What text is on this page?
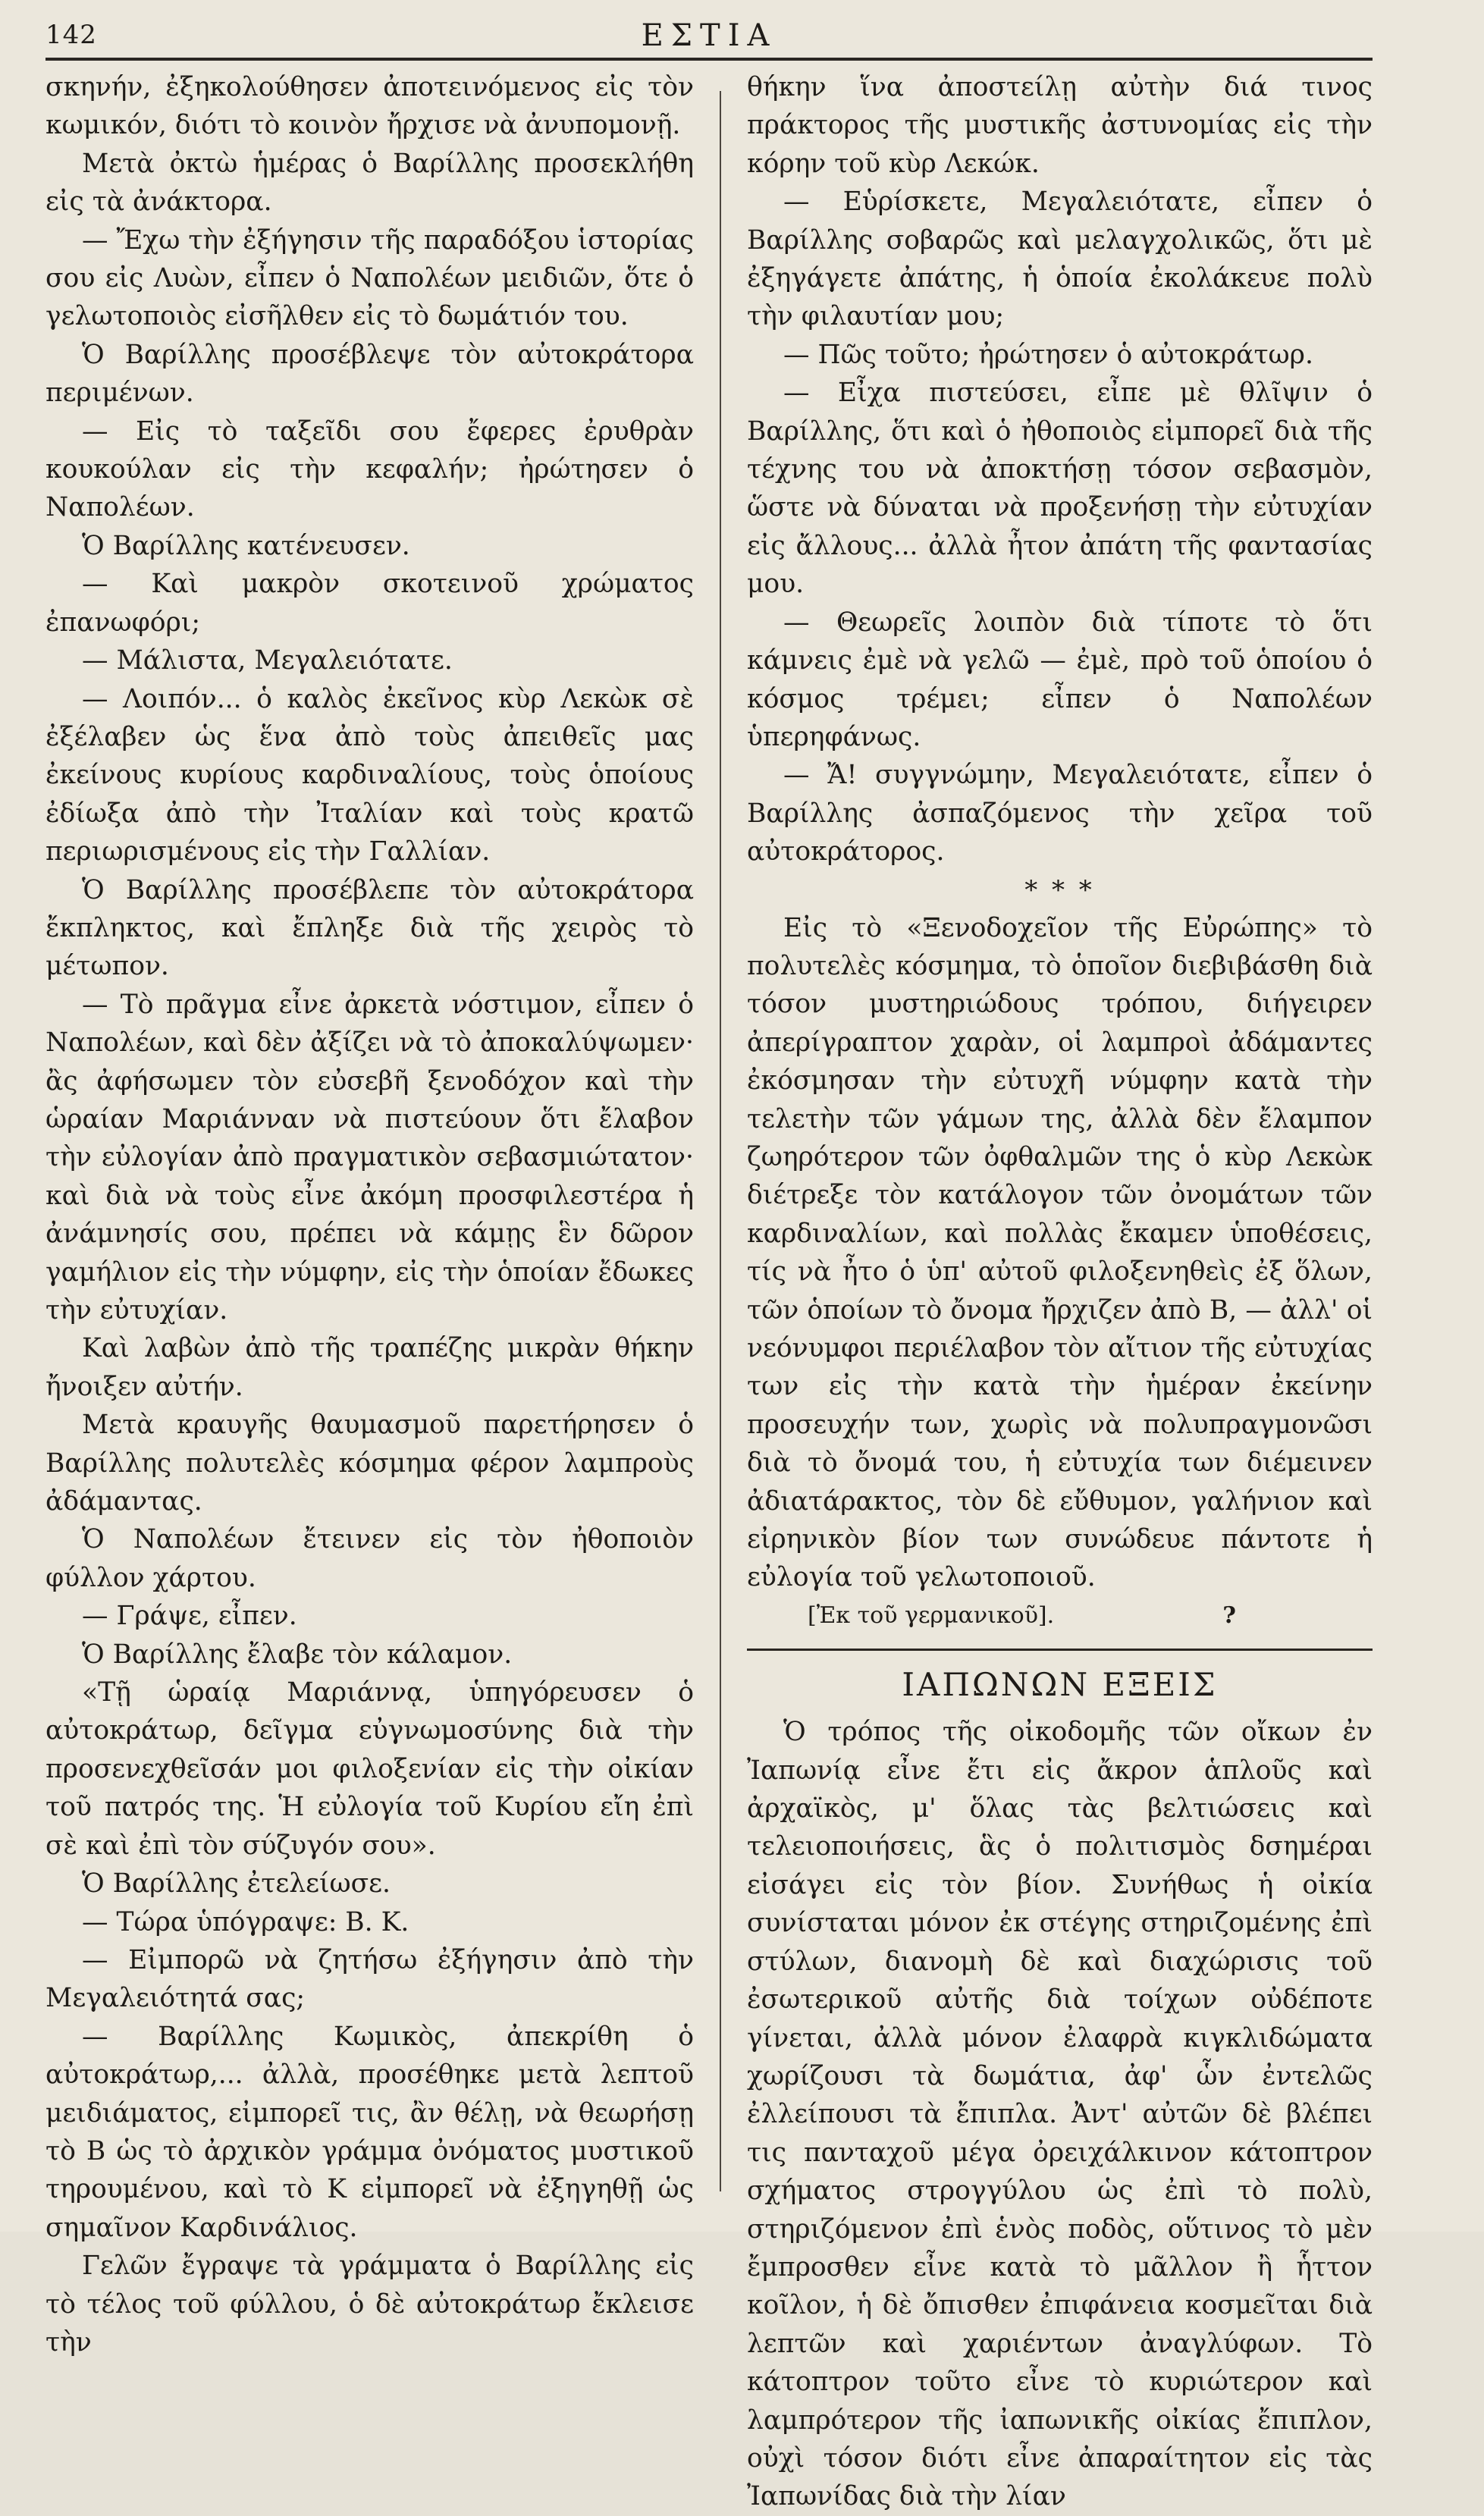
142	ΕΣΤΙΑ

σκηνήν, ἐξηκολούθησεν ἀποτεινόμενος εἰς τὸν κωμικόν, διότι τὸ κοινὸν ἤρχισε νὰ ἀνυπομονῇ.

Μετὰ ὀκτὼ ἡμέρας ὁ Βαρίλλης προσεκλήθη εἰς τὰ ἀνάκτορα.

— Ἔχω τὴν ἐξήγησιν τῆς παραδόξου ἱστορίας σου εἰς Λυὼν, εἶπεν ὁ Ναπολέων μειδιῶν, ὅτε ὁ γελωτοποιὸς εἰσῆλθεν εἰς τὸ δωμάτιόν του.

Ὁ Βαρίλλης προσέβλεψε τὸν αὐτοκράτορα περιμένων.

— Εἰς τὸ ταξεῖδι σου ἔφερες ἐρυθρὰν κουκούλαν εἰς τὴν κεφαλήν; ἠρώτησεν ὁ Ναπολέων.

Ὁ Βαρίλλης κατένευσεν.

— Καὶ μακρὸν σκοτεινοῦ χρώματος ἐπανωφόρι;

— Μάλιστα, Μεγαλειότατε.

— Λοιπόν... ὁ καλὸς ἐκεῖνος κὺρ Λεκὼκ σὲ ἐξέλαβεν ὡς ἕνα ἀπὸ τοὺς ἀπειθεῖς μας ἐκείνους κυρίους καρδιναλίους, τοὺς ὁποίους ἐδίωξα ἀπὸ τὴν Ἰταλίαν καὶ τοὺς κρατῶ περιωρισμένους εἰς τὴν Γαλλίαν.

Ὁ Βαρίλλης προσέβλεπε τὸν αὐτοκράτορα ἔκπληκτος, καὶ ἔπληξε διὰ τῆς χειρὸς τὸ μέτωπον.

— Τὸ πρᾶγμα εἶνε ἀρκετὰ νόστιμον, εἶπεν ὁ Ναπολέων, καὶ δὲν ἀξίζει νὰ τὸ ἀποκαλύψωμεν· ἂς ἀφήσωμεν τὸν εὐσεβῆ ξενοδόχον καὶ τὴν ὡραίαν Μαριάνναν νὰ πιστεύουν ὅτι ἔλαβον τὴν εὐλογίαν ἀπὸ πραγματικὸν σεβασμιώτατον· καὶ διὰ νὰ τοὺς εἶνε ἀκόμη προσφιλεστέρα ἡ ἀνάμνησίς σου, πρέπει νὰ κάμῃς ἓν δῶρον γαμήλιον εἰς τὴν νύμφην, εἰς τὴν ὁποίαν ἔδωκες τὴν εὐτυχίαν.

Καὶ λαβὼν ἀπὸ τῆς τραπέζης μικρὰν θήκην ἤνοιξεν αὐτήν.

Μετὰ κραυγῆς θαυμασμοῦ παρετήρησεν ὁ Βαρίλλης πολυτελὲς κόσμημα φέρον λαμπροὺς ἀδάμαντας.

Ὁ Ναπολέων ἔτεινεν εἰς τὸν ἠθοποιὸν φύλλον χάρτου.

— Γράψε, εἶπεν.

Ὁ Βαρίλλης ἔλαβε τὸν κάλαμον.

«Τῇ ὡραίᾳ Μαριάννᾳ, ὑπηγόρευσεν ὁ αὐτοκράτωρ, δεῖγμα εὐγνωμοσύνης διὰ τὴν προσενεχθεῖσάν μοι φιλοξενίαν εἰς τὴν οἰκίαν τοῦ πατρός της. Ἡ εὐλογία τοῦ Κυρίου εἴη ἐπὶ σὲ καὶ ἐπὶ τὸν σύζυγόν σου».

Ὁ Βαρίλλης ἐτελείωσε.

— Τώρα ὑπόγραψε: Β. Κ.

— Εἰμπορῶ νὰ ζητήσω ἐξήγησιν ἀπὸ τὴν Μεγαλειότητά σας;

— Βαρίλλης Κωμικὸς, ἀπεκρίθη ὁ αὐτοκράτωρ,... ἀλλὰ, προσέθηκε μετὰ λεπτοῦ μειδιάματος, εἰμπορεῖ τις, ἂν θέλῃ, νὰ θεωρήσῃ τὸ Β ὡς τὸ ἀρχικὸν γράμμα ὀνόματος μυστικοῦ τηρουμένου, καὶ τὸ Κ εἰμπορεῖ νὰ ἐξηγηθῇ ὡς σημαῖνον Καρδινάλιος.

Γελῶν ἔγραψε τὰ γράμματα ὁ Βαρίλλης εἰς τὸ τέλος τοῦ φύλλου, ὁ δὲ αὐτοκράτωρ ἔκλεισε τὴν

θήκην ἵνα ἀποστείλῃ αὐτὴν διά τινος πράκτορος τῆς μυστικῆς ἀστυνομίας εἰς τὴν κόρην τοῦ κὺρ Λεκώκ.

— Εὑρίσκετε, Μεγαλειότατε, εἶπεν ὁ Βαρίλλης σοβαρῶς καὶ μελαγχολικῶς, ὅτι μὲ ἐξηγάγετε ἀπάτης, ἡ ὁποία ἐκολάκευε πολὺ τὴν φιλαυτίαν μου;

— Πῶς τοῦτο; ἠρώτησεν ὁ αὐτοκράτωρ.

— Εἶχα πιστεύσει, εἶπε μὲ θλῖψιν ὁ Βαρίλλης, ὅτι καὶ ὁ ἠθοποιὸς εἰμπορεῖ διὰ τῆς τέχνης του νὰ ἀποκτήσῃ τόσον σεβασμὸν, ὥστε νὰ δύναται νὰ προξενήσῃ τὴν εὐτυχίαν εἰς ἄλλους... ἀλλὰ ἦτον ἀπάτη τῆς φαντασίας μου.

— Θεωρεῖς λοιπὸν διὰ τίποτε τὸ ὅτι κάμνεις ἐμὲ νὰ γελῶ — ἐμὲ, πρὸ τοῦ ὁποίου ὁ κόσμος τρέμει; εἶπεν ὁ Ναπολέων ὑπερηφάνως.

— Ἄ! συγγνώμην, Μεγαλειότατε, εἶπεν ὁ Βαρίλλης ἀσπαζόμενος τὴν χεῖρα τοῦ αὐτοκράτορος.

* * *

Εἰς τὸ «Ξενοδοχεῖον τῆς Εὐρώπης» τὸ πολυτελὲς κόσμημα, τὸ ὁποῖον διεβιβάσθη διὰ τόσον μυστηριώδους τρόπου, διήγειρεν ἀπερίγραπτον χαρὰν, οἱ λαμπροὶ ἀδάμαντες ἐκόσμησαν τὴν εὐτυχῆ νύμφην κατὰ τὴν τελετὴν τῶν γάμων της, ἀλλὰ δὲν ἔλαμπον ζωηρότερον τῶν ὀφθαλμῶν της ὁ κὺρ Λεκὼκ διέτρεξε τὸν κατάλογον τῶν ὀνομάτων τῶν καρδιναλίων, καὶ πολλὰς ἔκαμεν ὑποθέσεις, τίς νὰ ἦτο ὁ ὑπ' αὐτοῦ φιλοξενηθεὶς ἐξ ὅλων, τῶν ὁποίων τὸ ὄνομα ἤρχιζεν ἀπὸ Β, — ἀλλ' οἱ νεόνυμφοι περιέλαβον τὸν αἴτιον τῆς εὐτυχίας των εἰς τὴν κατὰ τὴν ἡμέραν ἐκείνην προσευχήν των, χωρὶς νὰ πολυπραγμονῶσι διὰ τὸ ὄνομά του, ἡ εὐτυχία των διέμεινεν ἀδιατάρακτος, τὸν δὲ εὔθυμον, γαλήνιον καὶ εἰρηνικὸν βίον των συνώδευε πάντοτε ἡ εὐλογία τοῦ γελωτοποιοῦ.

[Ἐκ τοῦ γερμανικοῦ].	?

ΙΑΠΩΝΩΝ ΕΞΕΙΣ

Ὁ τρόπος τῆς οἰκοδομῆς τῶν οἴκων ἐν Ἰαπωνίᾳ εἶνε ἔτι εἰς ἄκρον ἁπλοῦς καὶ ἀρχαϊκὸς, μ' ὅλας τὰς βελτιώσεις καὶ τελειοποιήσεις, ἃς ὁ πολιτισμὸς δσημέραι εἰσάγει εἰς τὸν βίον. Συνήθως ἡ οἰκία συνίσταται μόνον ἐκ στέγης στηριζομένης ἐπὶ στύλων, διανομὴ δὲ καὶ διαχώρισις τοῦ ἐσωτερικοῦ αὐτῆς διὰ τοίχων οὐδέποτε γίνεται, ἀλλὰ μόνον ἐλαφρὰ κιγκλιδώματα χωρίζουσι τὰ δωμάτια, ἀφ' ὧν ἐντελῶς ἐλλείπουσι τὰ ἔπιπλα. Ἀντ' αὐτῶν δὲ βλέπει τις πανταχοῦ μέγα ὀρειχάλκινον κάτοπτρον σχήματος στρογγύλου ὡς ἐπὶ τὸ πολὺ, στηριζόμενον ἐπὶ ἑνὸς ποδὸς, οὕτινος τὸ μὲν ἔμπροσθεν εἶνε κατὰ τὸ μᾶλλον ἢ ἧττον κοῖλον, ἡ δὲ ὄπισθεν ἐπιφάνεια κοσμεῖται διὰ λεπτῶν καὶ χαριέντων ἀναγλύφων. Τὸ κάτοπτρον τοῦτο εἶνε τὸ κυριώτερον καὶ λαμπρότερον τῆς ἰαπωνικῆς οἰκίας ἔπιπλον, οὐχὶ τόσον διότι εἶνε ἀπαραίτητον εἰς τὰς Ἰαπωνίδας διὰ τὴν λίαν
